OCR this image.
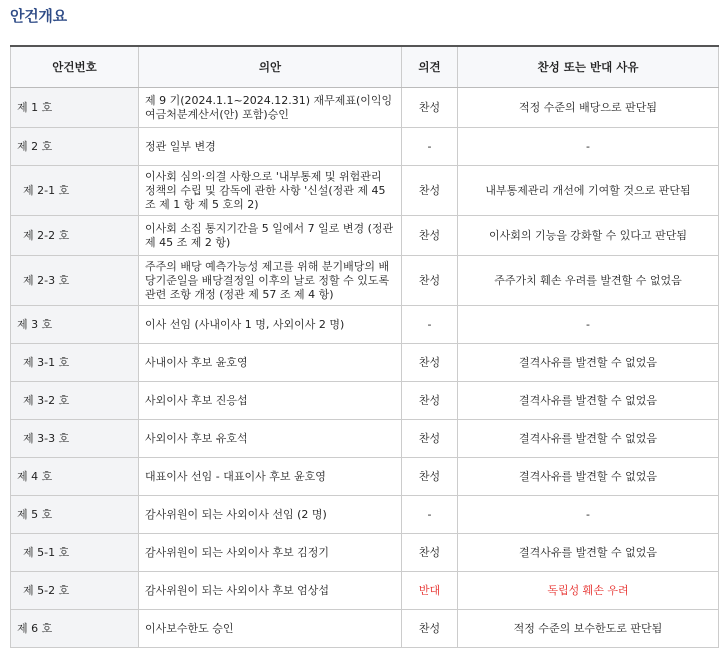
안건개요
안건번호	의안	의견	찬성 또는 반대 사유
제 1 호	제 9 기(2024.1.1~2024.12.31) 재무제표(이익잉여금처분계산서(안) 포함)승인	찬성	적정 수준의 배당으로 판단됨
제 2 호	정관 일부 변경	-	-
제 2-1 호	이사회 심의·의결 사항으로 '내부통제 및 위험관리 정책의 수립 및 감독에 관한 사항 '신설(정관 제 45 조 제 1 항 제 5 호의 2)	찬성	내부통제관리 개선에 기여할 것으로 판단됨
제 2-2 호	이사회 소집 통지기간을 5 일에서 7 일로 변경 (정관 제 45 조 제 2 항)	찬성	이사회의 기능을 강화할 수 있다고 판단됨
제 2-3 호	주주의 배당 예측가능성 제고를 위해 분기배당의 배당기준일을 배당결정일 이후의 날로 정할 수 있도록 관련 조항 개정 (정관 제 57 조 제 4 항)	찬성	주주가치 훼손 우려를 발견할 수 없었음
제 3 호	이사 선임 (사내이사 1 명, 사외이사 2 명)	-	-
제 3-1 호	사내이사 후보 윤호영	찬성	결격사유를 발견할 수 없었음
제 3-2 호	사외이사 후보 진응섭	찬성	결격사유를 발견할 수 없었음
제 3-3 호	사외이사 후보 유호석	찬성	결격사유를 발견할 수 없었음
제 4 호	대표이사 선임 - 대표이사 후보 윤호영	찬성	결격사유를 발견할 수 없었음
제 5 호	감사위원이 되는 사외이사 선임 (2 명)	-	-
제 5-1 호	감사위원이 되는 사외이사 후보 김정기	찬성	결격사유를 발견할 수 없었음
제 5-2 호	감사위원이 되는 사외이사 후보 엄상섭	반대	독립성 훼손 우려
제 6 호	이사보수한도 승인	찬성	적정 수준의 보수한도로 판단됨
